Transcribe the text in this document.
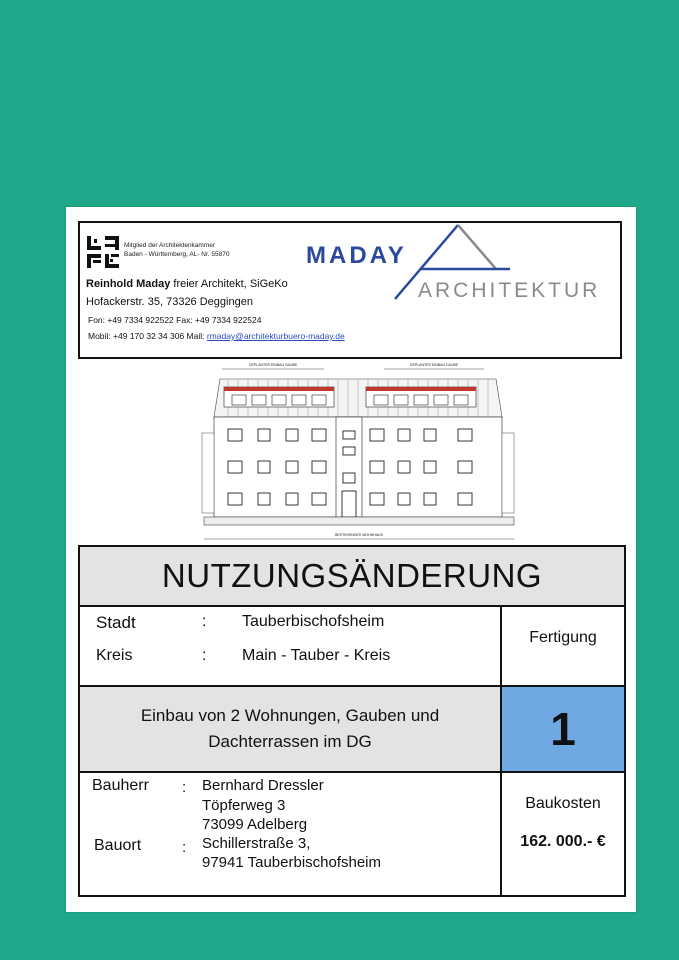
Mitglied der Architektenkammer
Baden - Württemberg, AL- Nr. 55870
Reinhold Maday freier Architekt, SiGeKo
Hofackerstr. 35, 73326 Deggingen
Fon: +49 7334 922522 Fax: +49 7334 922524
Mobil: +49 170 32 34 306 Mail: rmaday@architekturbuero-maday.de
MADAY
ARCHITEKTUR
GEPLANTER EINBAU GAUBE	GEPLANTER EINBAU GAUBE
BESTEHENDES WOHNHAUS
NUTZUNGSÄNDERUNG
Stadt	: Tauberbischofsheim
Kreis	: Main - Tauber - Kreis
Fertigung
Einbau von 2 Wohnungen, Gauben und
Dachterrassen im DG	1
Bauherr : Bernhard Dressler
Töpferweg 3
73099 Adelberg
Bauort	: Schillerstraße 3,
97941 Tauberbischofsheim
Baukosten
162. 000.- €
